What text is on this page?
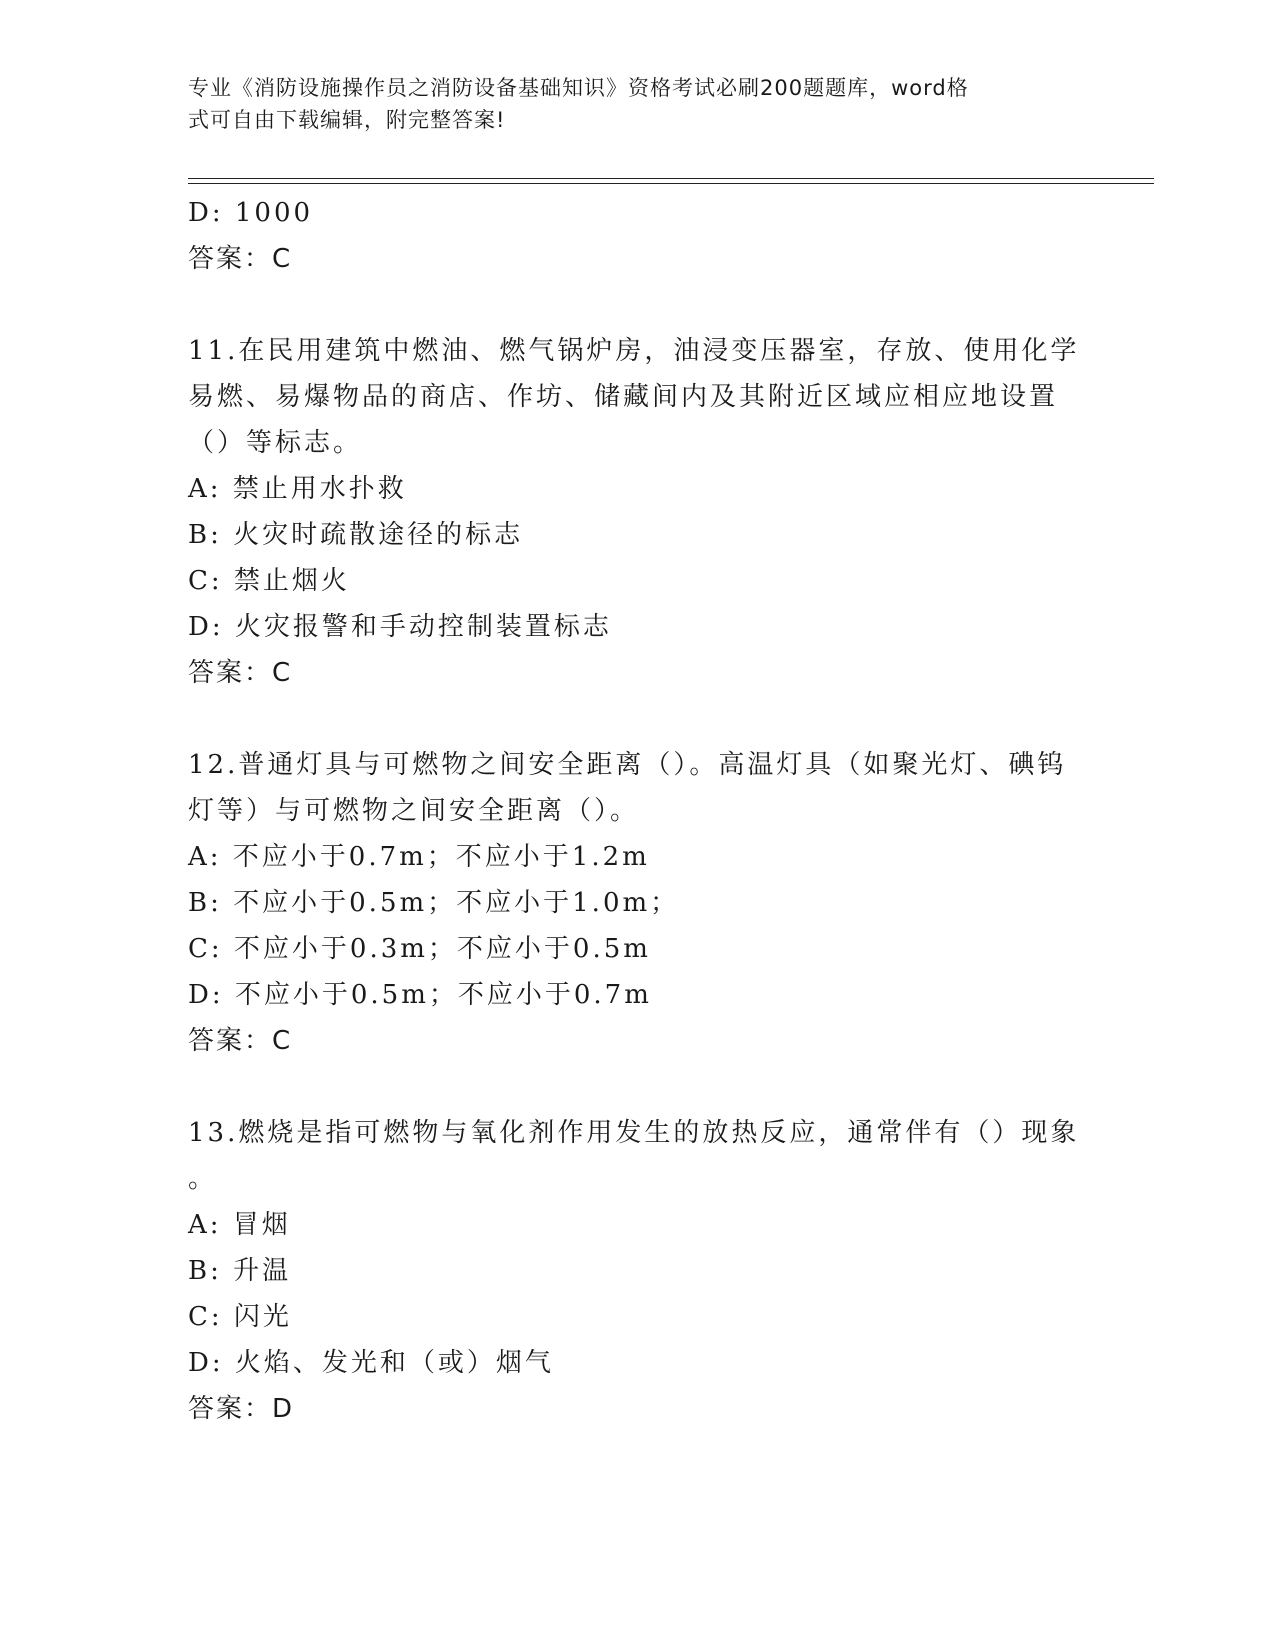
专业《消防设施操作员之消防设备基础知识》资格考试必刷200题题库，word格
式可自由下载编辑，附完整答案!
D: 1000
答案：C
11.在民用建筑中燃油、燃气锅炉房，油浸变压器室，存放、使用化学
易燃、易爆物品的商店、作坊、储藏间内及其附近区域应相应地设置
（）等标志。
A: 禁止用水扑救
B: 火灾时疏散途径的标志
C: 禁止烟火
D: 火灾报警和手动控制装置标志
答案：C
12.普通灯具与可燃物之间安全距离（）。高温灯具（如聚光灯、碘钨
灯等）与可燃物之间安全距离（）。
A: 不应小于0.7m；不应小于1.2m
B: 不应小于0.5m；不应小于1.0m；
C: 不应小于0.3m；不应小于0.5m
D: 不应小于0.5m；不应小于0.7m
答案：C
13.燃烧是指可燃物与氧化剂作用发生的放热反应，通常伴有（）现象
。
A: 冒烟
B: 升温
C: 闪光
D: 火焰、发光和（或）烟气
答案：D
